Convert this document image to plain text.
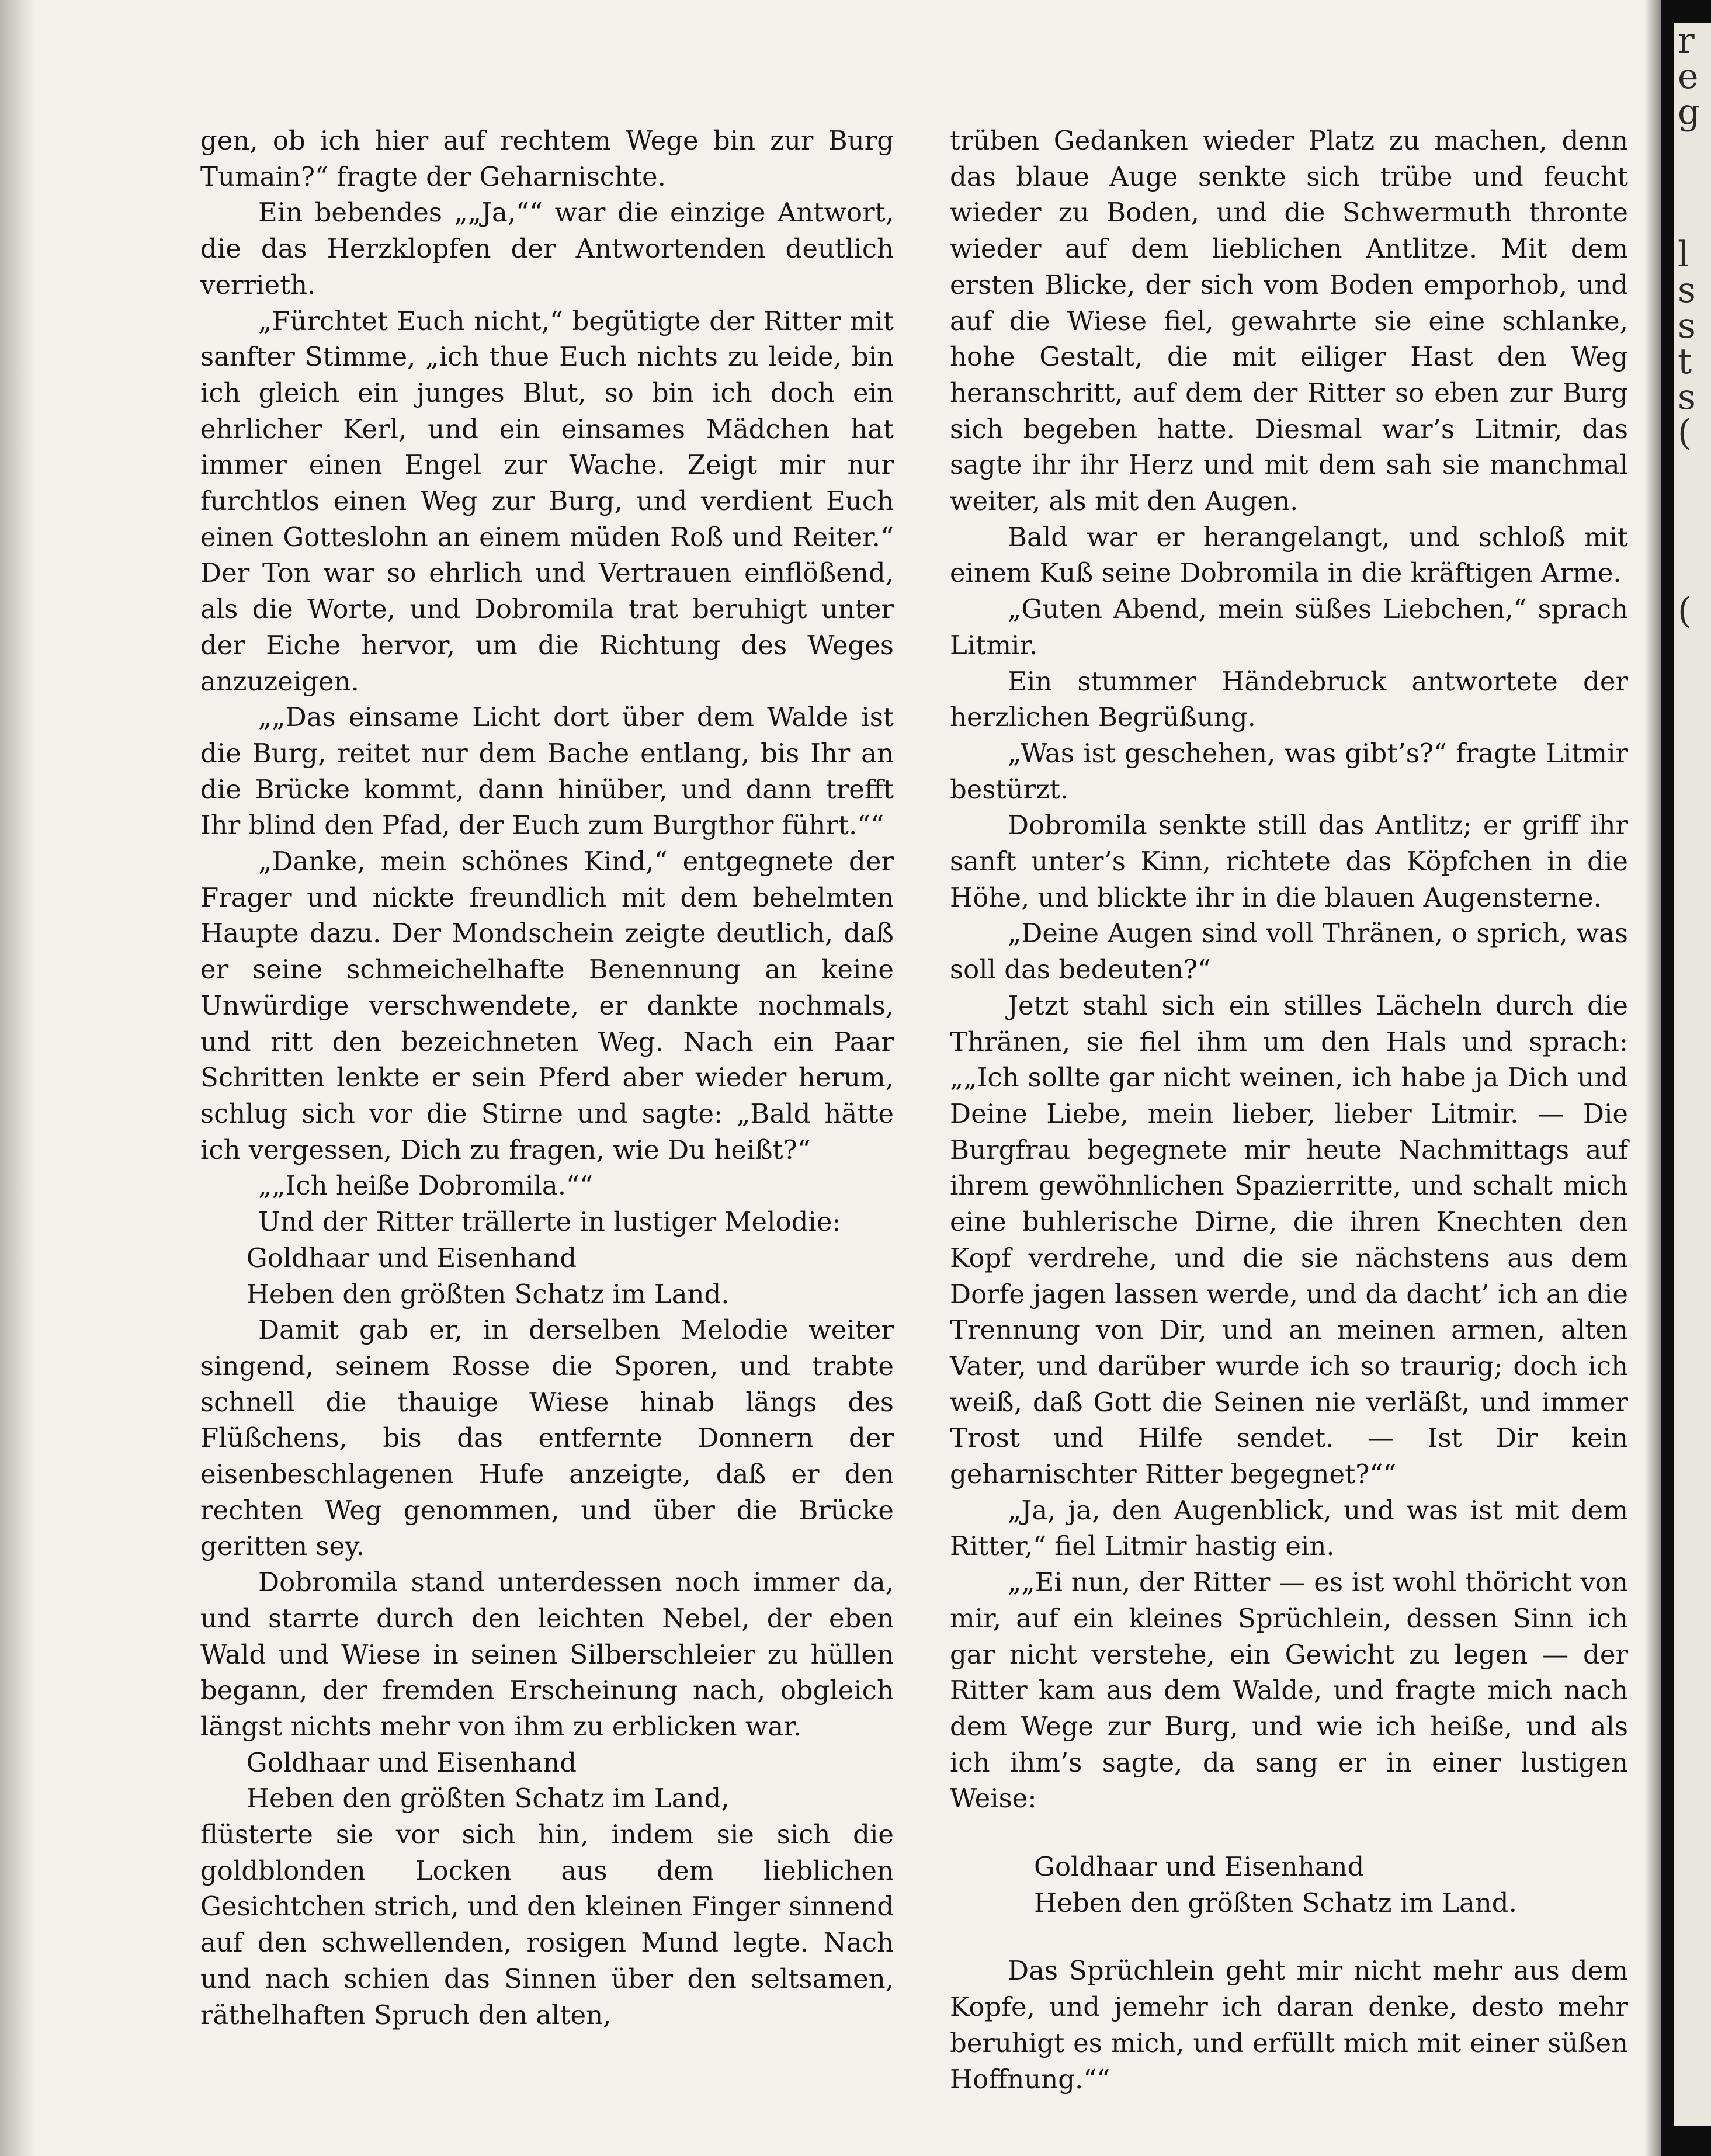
r
e
g
l
s
s
t
s
(
(

gen, ob ich hier auf rechtem Wege bin zur Burg Tumain?“ fragte der Geharnischte.

Ein bebendes „„Ja,““ war die einzige Antwort, die das Herzklopfen der Antwortenden deutlich verrieth.

„Fürchtet Euch nicht,“ begütigte der Ritter mit sanfter Stimme, „ich thue Euch nichts zu leide, bin ich gleich ein junges Blut, so bin ich doch ein ehrlicher Kerl, und ein einsames Mädchen hat immer einen Engel zur Wache. Zeigt mir nur furchtlos einen Weg zur Burg, und verdient Euch einen Gotteslohn an einem müden Roß und Reiter.“ Der Ton war so ehrlich und Vertrauen einflößend, als die Worte, und Dobromila trat beruhigt unter der Eiche hervor, um die Richtung des Weges anzuzeigen.

„„Das einsame Licht dort über dem Walde ist die Burg, reitet nur dem Bache entlang, bis Ihr an die Brücke kommt, dann hinüber, und dann trefft Ihr blind den Pfad, der Euch zum Burgthor führt.““

„Danke, mein schönes Kind,“ entgegnete der Frager und nickte freundlich mit dem behelmten Haupte dazu. Der Mondschein zeigte deutlich, daß er seine schmeichelhafte Benennung an keine Unwürdige verschwendete, er dankte nochmals, und ritt den bezeichneten Weg. Nach ein Paar Schritten lenkte er sein Pferd aber wieder herum, schlug sich vor die Stirne und sagte: „Bald hätte ich vergessen, Dich zu fragen, wie Du heißt?“

„„Ich heiße Dobromila.““

Und der Ritter trällerte in lustiger Melodie:

Goldhaar und Eisenhand

Heben den größten Schatz im Land.

Damit gab er, in derselben Melodie weiter singend, seinem Rosse die Sporen, und trabte schnell die thauige Wiese hinab längs des Flüßchens, bis das entfernte Donnern der eisenbeschlagenen Hufe anzeigte, daß er den rechten Weg genommen, und über die Brücke geritten sey.

Dobromila stand unterdessen noch immer da, und starrte durch den leichten Nebel, der eben Wald und Wiese in seinen Silberschleier zu hüllen begann, der fremden Erscheinung nach, obgleich längst nichts mehr von ihm zu erblicken war.

Goldhaar und Eisenhand

Heben den größten Schatz im Land,

flüsterte sie vor sich hin, indem sie sich die goldblonden Locken aus dem lieblichen Gesichtchen strich, und den kleinen Finger sinnend auf den schwellenden, rosigen Mund legte. Nach und nach schien das Sinnen über den seltsamen, räthelhaften Spruch den alten,

trüben Gedanken wieder Platz zu machen, denn das blaue Auge senkte sich trübe und feucht wieder zu Boden, und die Schwermuth thronte wieder auf dem lieblichen Antlitze. Mit dem ersten Blicke, der sich vom Boden emporhob, und auf die Wiese fiel, gewahrte sie eine schlanke, hohe Gestalt, die mit eiliger Hast den Weg heranschritt, auf dem der Ritter so eben zur Burg sich begeben hatte. Diesmal war’s Litmir, das sagte ihr ihr Herz und mit dem sah sie manchmal weiter, als mit den Augen.

Bald war er herangelangt, und schloß mit einem Kuß seine Dobromila in die kräftigen Arme.

„Guten Abend, mein süßes Liebchen,“ sprach Litmir.

Ein stummer Händebruck antwortete der herzlichen Begrüßung.

„Was ist geschehen, was gibt’s?“ fragte Litmir bestürzt.

Dobromila senkte still das Antlitz; er griff ihr sanft unter’s Kinn, richtete das Köpfchen in die Höhe, und blickte ihr in die blauen Augensterne.

„Deine Augen sind voll Thränen, o sprich, was soll das bedeuten?“

Jetzt stahl sich ein stilles Lächeln durch die Thränen, sie fiel ihm um den Hals und sprach: „„Ich sollte gar nicht weinen, ich habe ja Dich und Deine Liebe, mein lieber, lieber Litmir. — Die Burgfrau begegnete mir heute Nachmittags auf ihrem gewöhnlichen Spazierritte, und schalt mich eine buhlerische Dirne, die ihren Knechten den Kopf verdrehe, und die sie nächstens aus dem Dorfe jagen lassen werde, und da dacht’ ich an die Trennung von Dir, und an meinen armen, alten Vater, und darüber wurde ich so traurig; doch ich weiß, daß Gott die Seinen nie verläßt, und immer Trost und Hilfe sendet. — Ist Dir kein geharnischter Ritter begegnet?““

„Ja, ja, den Augenblick, und was ist mit dem Ritter,“ fiel Litmir hastig ein.

„„Ei nun, der Ritter — es ist wohl thöricht von mir, auf ein kleines Sprüchlein, dessen Sinn ich gar nicht verstehe, ein Gewicht zu legen — der Ritter kam aus dem Walde, und fragte mich nach dem Wege zur Burg, und wie ich heiße, und als ich ihm’s sagte, da sang er in einer lustigen Weise:

Goldhaar und Eisenhand

Heben den größten Schatz im Land.

Das Sprüchlein geht mir nicht mehr aus dem Kopfe, und jemehr ich daran denke, desto mehr beruhigt es mich, und erfüllt mich mit einer süßen Hoffnung.““
